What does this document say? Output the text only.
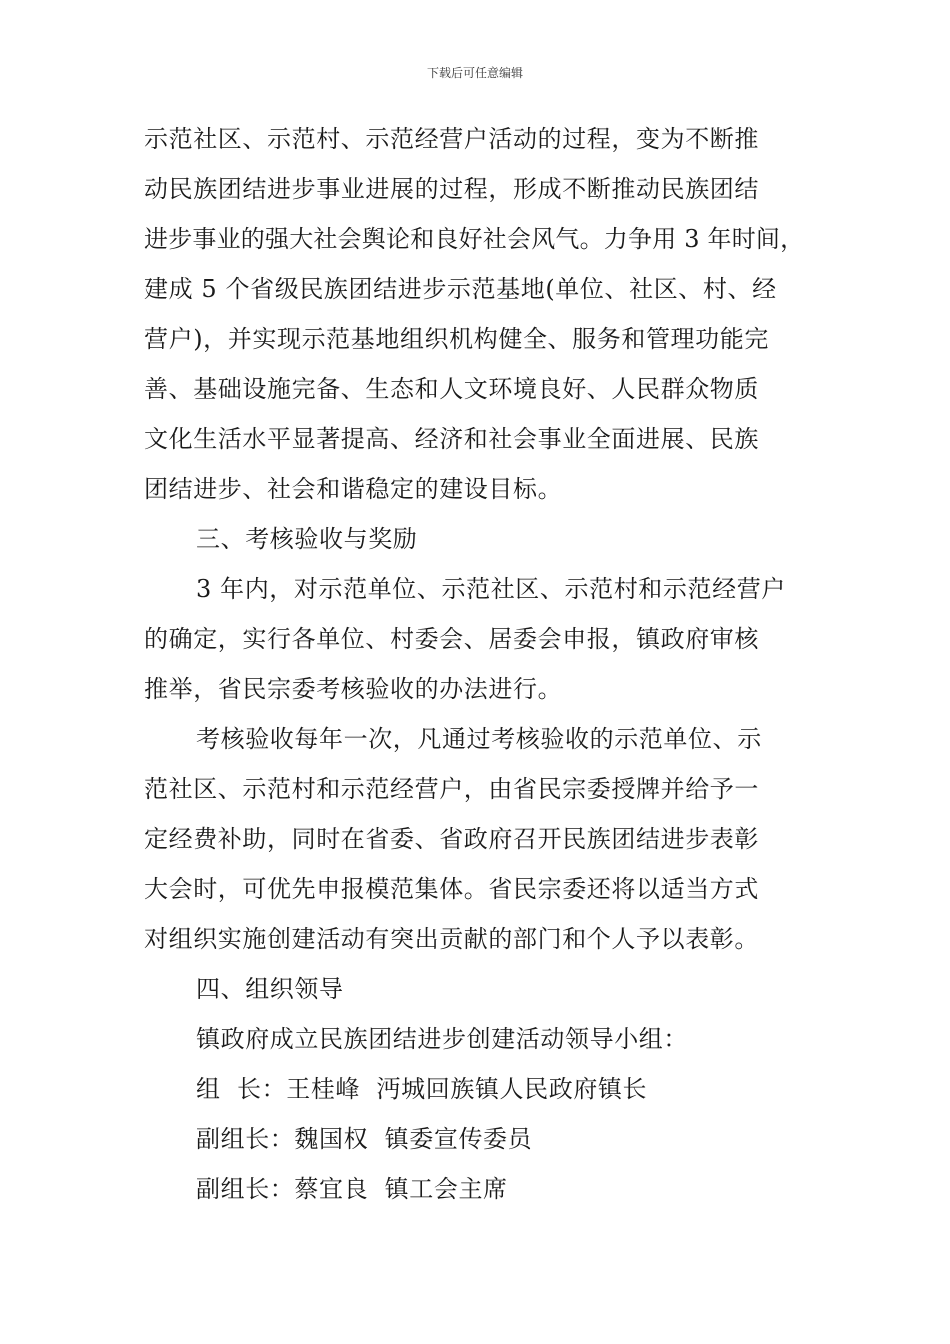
下载后可任意编辑
示范社区、示范村、示范经营户活动的过程，变为不断推
动民族团结进步事业进展的过程，形成不断推动民族团结
进步事业的强大社会舆论和良好社会风气。力争用 3 年时间，
建成 5 个省级民族团结进步示范基地(单位、社区、村、经
营户)，并实现示范基地组织机构健全、服务和管理功能完
善、基础设施完备、生态和人文环境良好、人民群众物质
文化生活水平显著提高、经济和社会事业全面进展、民族
团结进步、社会和谐稳定的建设目标。
三、考核验收与奖励
3 年内，对示范单位、示范社区、示范村和示范经营户
的确定，实行各单位、村委会、居委会申报，镇政府审核
推举，省民宗委考核验收的办法进行。
考核验收每年一次，凡通过考核验收的示范单位、示
范社区、示范村和示范经营户，由省民宗委授牌并给予一
定经费补助，同时在省委、省政府召开民族团结进步表彰
大会时，可优先申报模范集体。省民宗委还将以适当方式
对组织实施创建活动有突出贡献的部门和个人予以表彰。
四、组织领导
镇政府成立民族团结进步创建活动领导小组：
组  长：王桂峰  沔城回族镇人民政府镇长
副组长：魏国权  镇委宣传委员
副组长：蔡宜良  镇工会主席
